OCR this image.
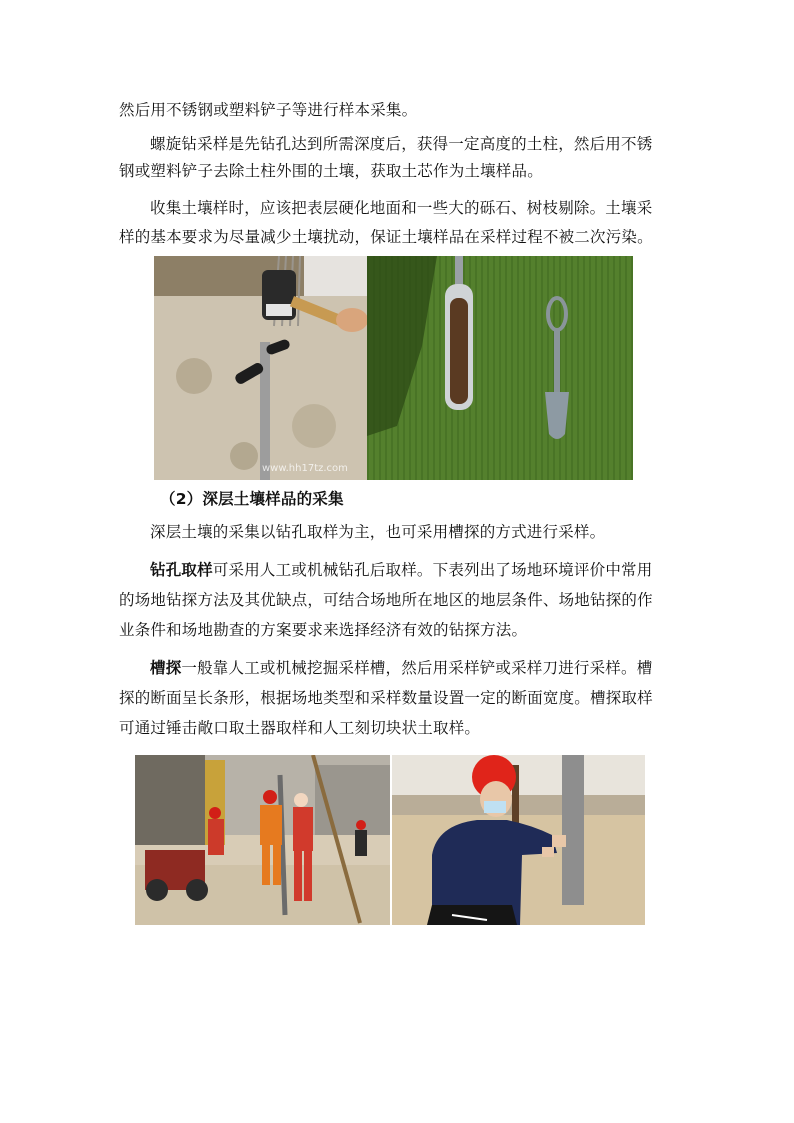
然后用不锈钢或塑料铲子等进行样本采集。
螺旋钻采样是先钻孔达到所需深度后，获得一定高度的土柱，然后用不锈
钢或塑料铲子去除土柱外围的土壤，获取土芯作为土壤样品。
收集土壤样时，应该把表层硬化地面和一些大的砾石、树枝剔除。土壤采
样的基本要求为尽量减少土壤扰动，保证土壤样品在采样过程不被二次污染。
www.hh17tz.com
（2）深层土壤样品的采集
深层土壤的采集以钻孔取样为主，也可采用槽探的方式进行采样。
钻孔取样可采用人工或机械钻孔后取样。下表列出了场地环境评价中常用
的场地钻探方法及其优缺点，可结合场地所在地区的地层条件、场地钻探的作
业条件和场地勘查的方案要求来选择经济有效的钻探方法。
槽探一般靠人工或机械挖掘采样槽，然后用采样铲或采样刀进行采样。槽
探的断面呈长条形，根据场地类型和采样数量设置一定的断面宽度。槽探取样
可通过锤击敞口取土器取样和人工刻切块状土取样。
